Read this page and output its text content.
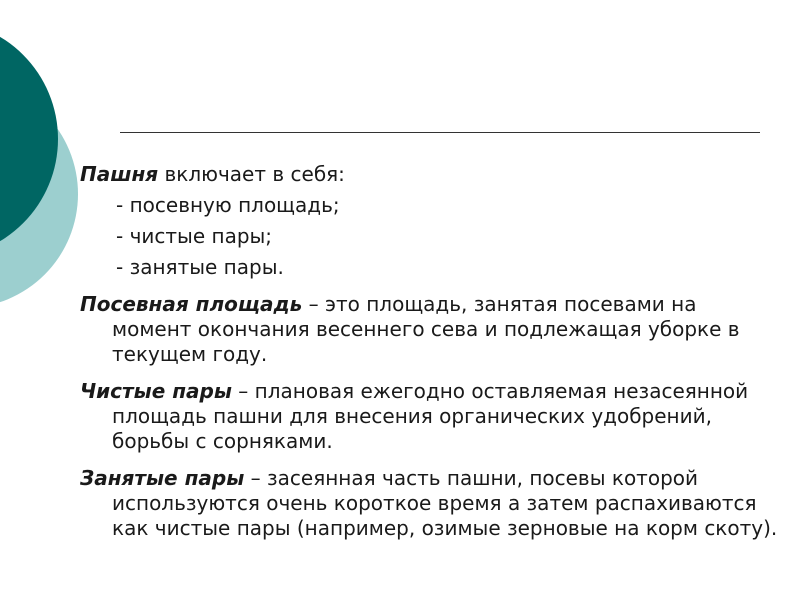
Пашня включает в себя:

- посевную площадь;

- чистые пары;

- занятые пары.

Посевная площадь – это площадь, занятая посевами на момент окончания весеннего сева и подлежащая уборке в текущем году.

Чистые пары – плановая ежегодно оставляемая незасеянной площадь пашни для внесения органических удобрений, борьбы с сорняками.

Занятые пары – засеянная часть пашни, посевы которой используются очень короткое время а затем распахиваются как чистые пары (например, озимые зерновые на корм скоту).
